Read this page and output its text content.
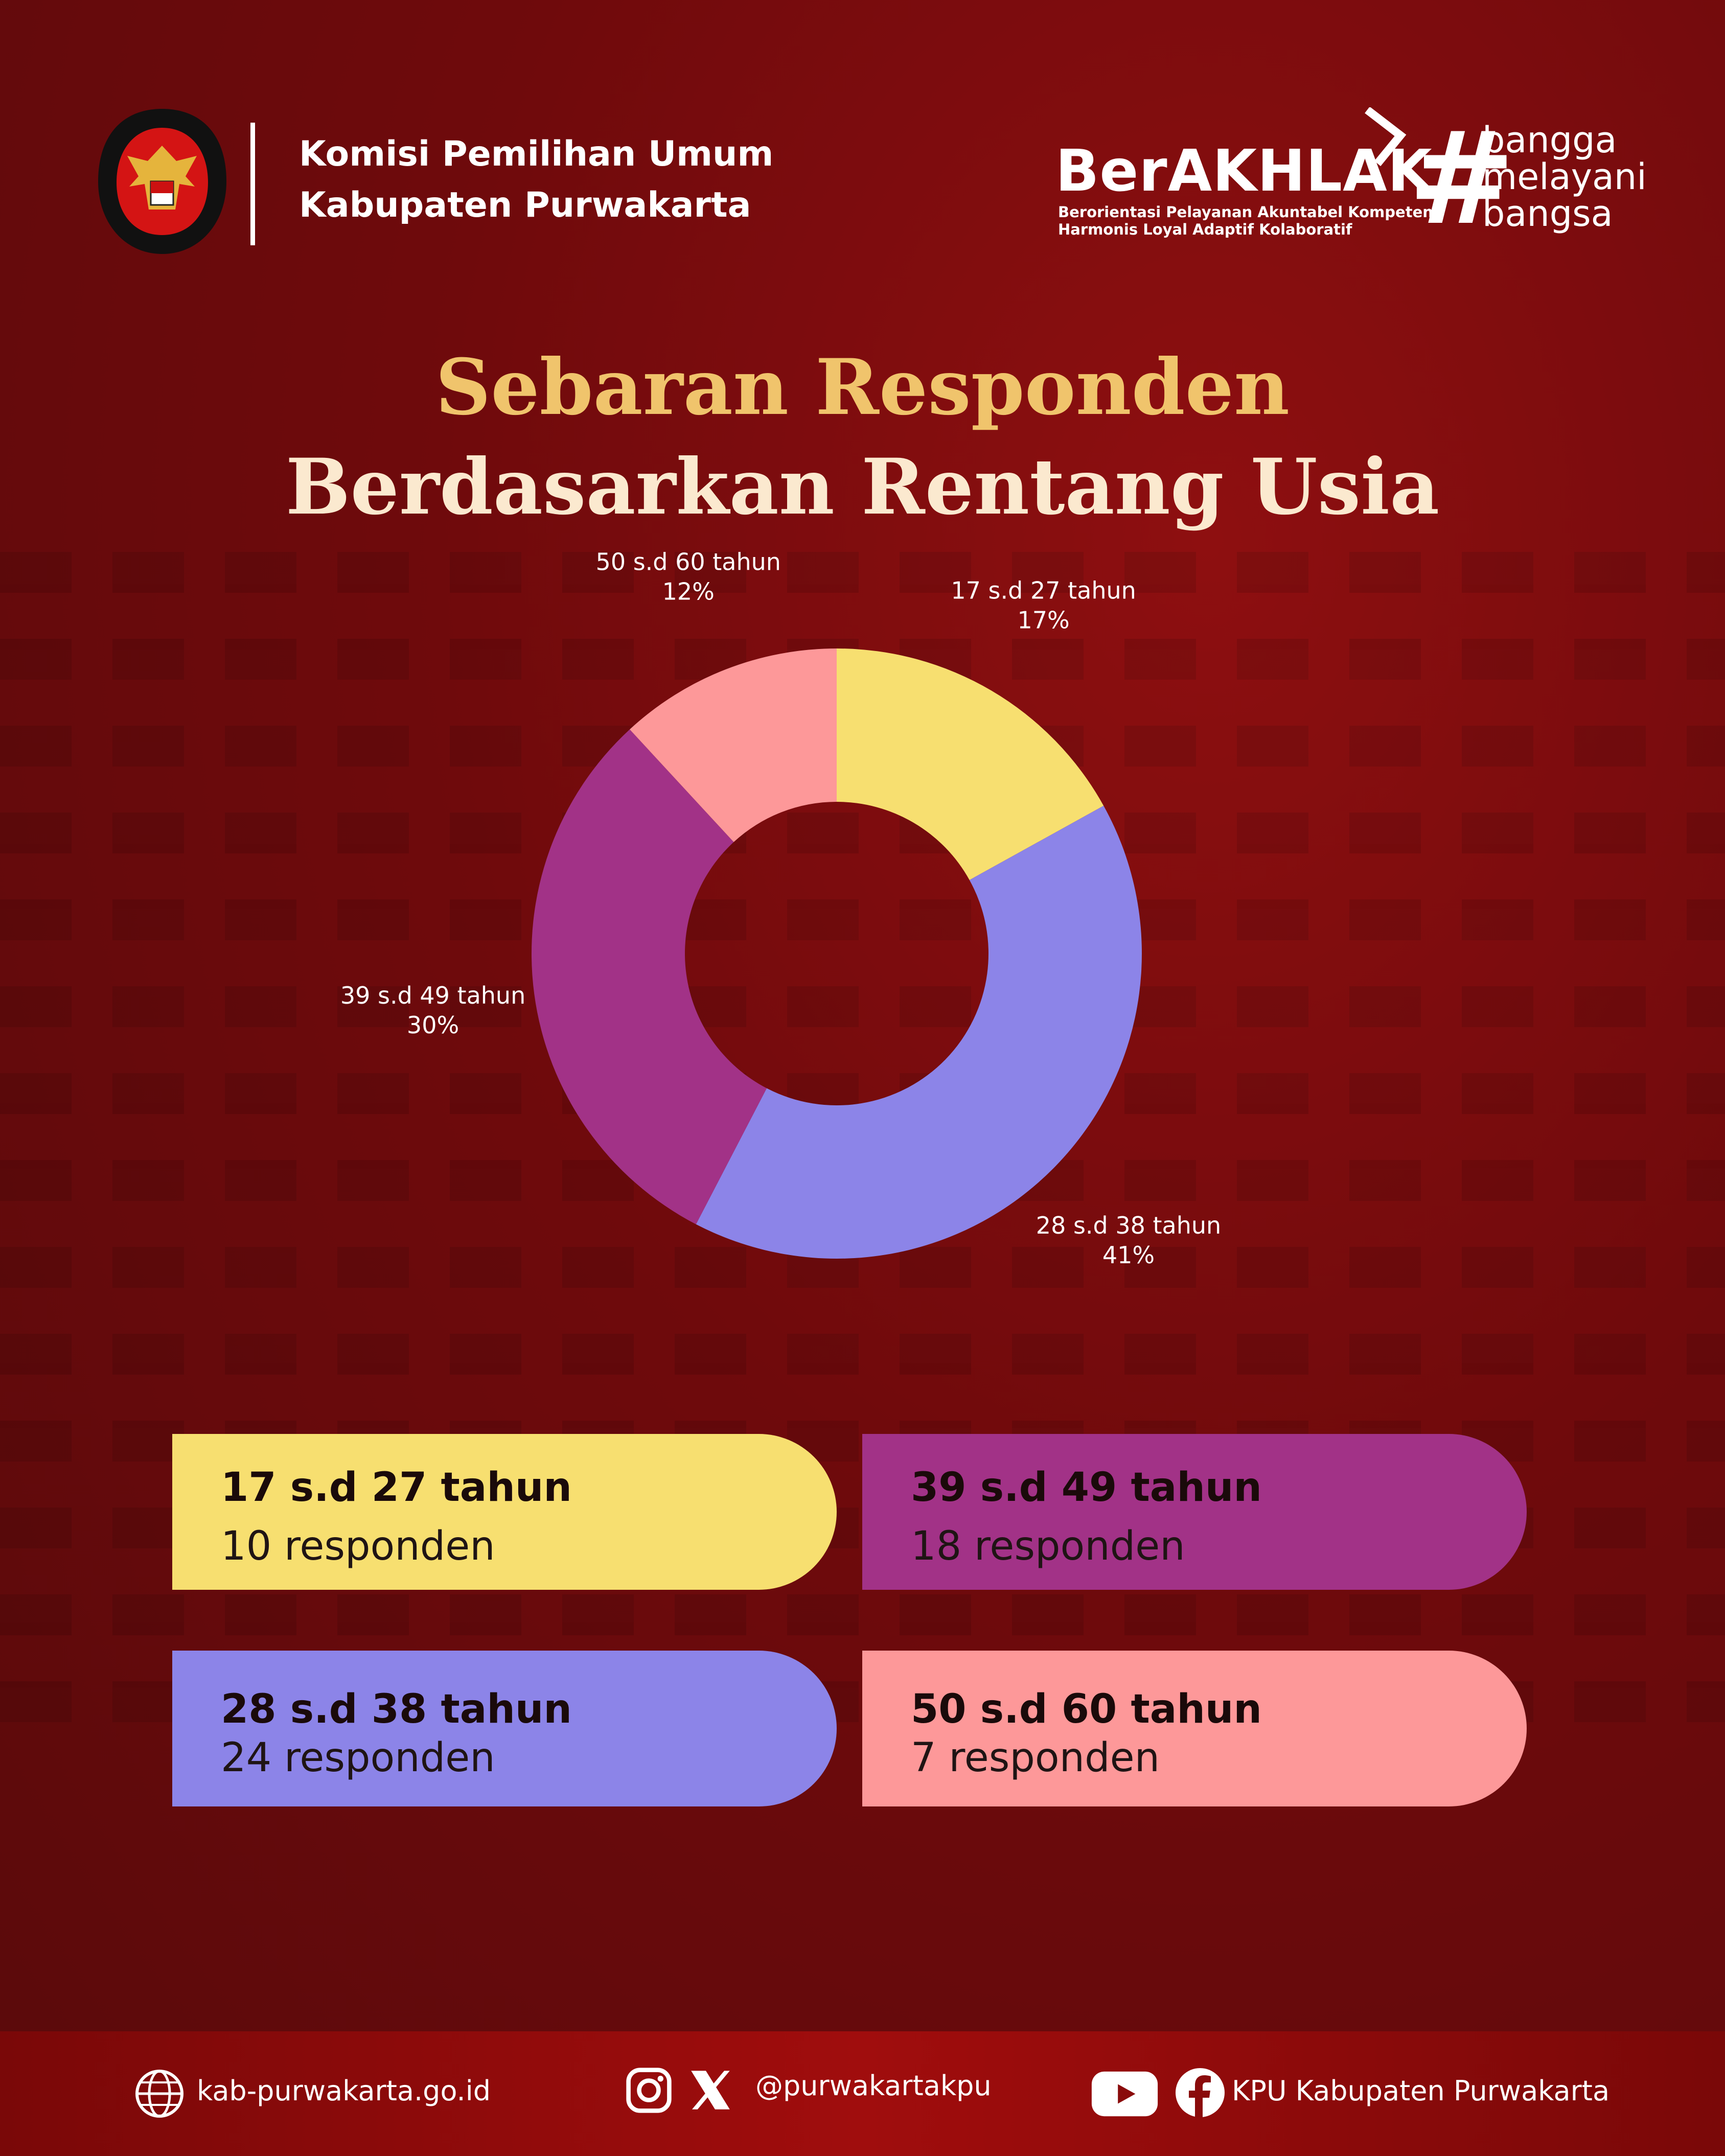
Komisi Pemilihan Umum
Kabupaten Purwakarta
BerAKHLAK
Berorientasi Pelayanan Akuntabel Kompeten
Harmonis Loyal Adaptif Kolaboratif #
bangga
melayani
bangsa
Sebaran Responden
Berdasarkan Rentang Usia
17 s.d 27 tahun
17%
28 s.d 38 tahun
41%
39 s.d 49 tahun
30%
50 s.d 60 tahun
12%
17 s.d 27 tahun
10 responden
39 s.d 49 tahun
18 responden
28 s.d 38 tahun
24 responden
50 s.d 60 tahun
7 responden
kab-purwakarta.go.id	@purwakartakpu	KPU Kabupaten Purwakarta
